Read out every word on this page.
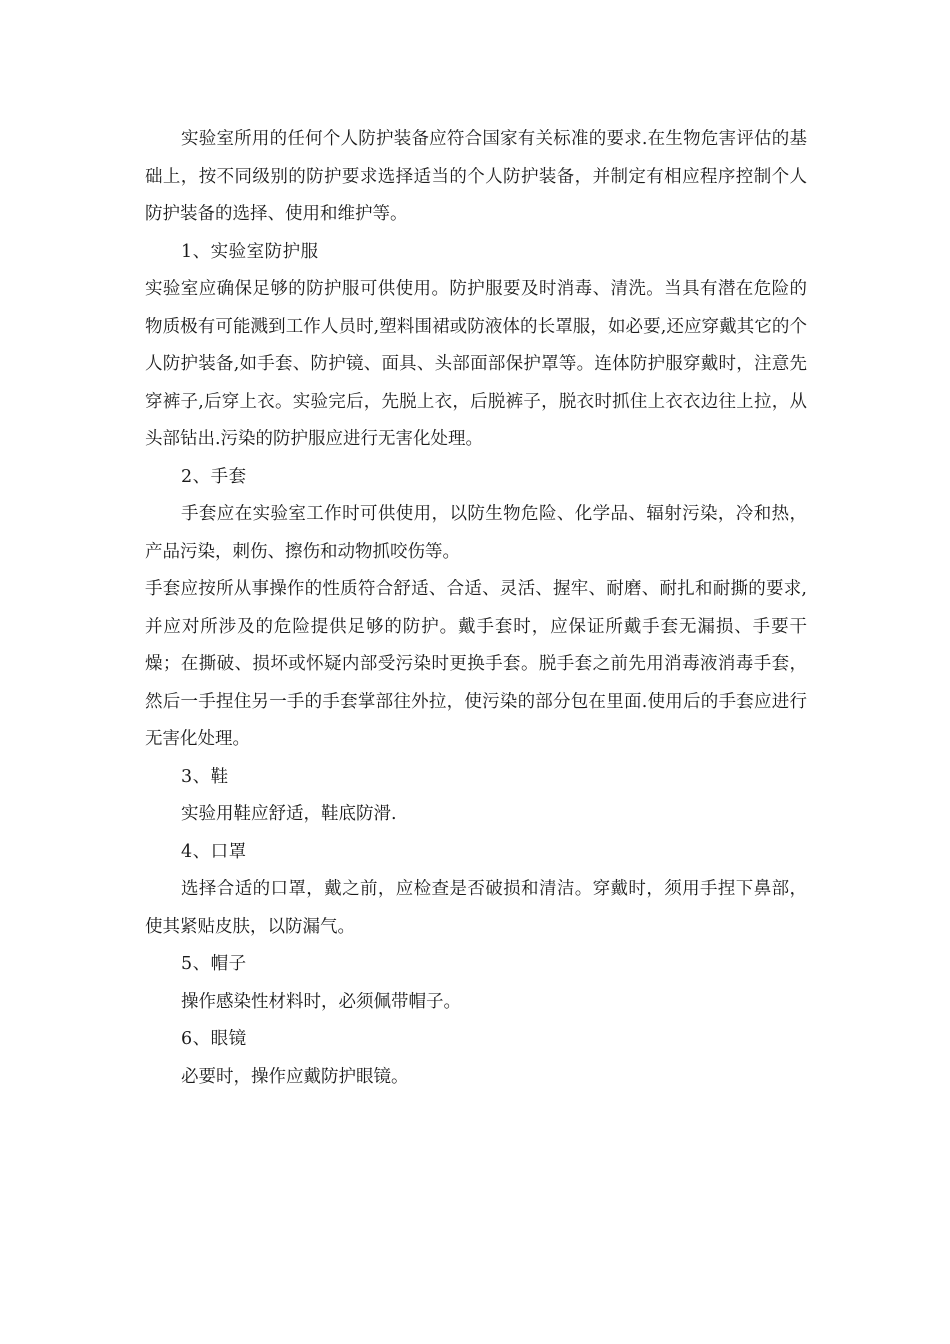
实验室所用的任何个人防护装备应符合国家有关标准的要求.在生物危害评估的基础上，按不同级别的防护要求选择适当的个人防护装备，并制定有相应程序控制个人防护装备的选择、使用和维护等。

1、实验室防护服

实验室应确保足够的防护服可供使用。防护服要及时消毒、清洗。当具有潜在危险的物质极有可能溅到工作人员时,塑料围裙或防液体的长罩服，如必要,还应穿戴其它的个人防护装备,如手套、防护镜、面具、头部面部保护罩等。连体防护服穿戴时，注意先穿裤子,后穿上衣。实验完后，先脱上衣，后脱裤子，脱衣时抓住上衣衣边往上拉，从头部钻出.污染的防护服应进行无害化处理。

2、手套

手套应在实验室工作时可供使用，以防生物危险、化学品、辐射污染，冷和热，产品污染，刺伤、擦伤和动物抓咬伤等。

手套应按所从事操作的性质符合舒适、合适、灵活、握牢、耐磨、耐扎和耐撕的要求,并应对所涉及的危险提供足够的防护。戴手套时，应保证所戴手套无漏损、手要干燥；在撕破、损坏或怀疑内部受污染时更换手套。脱手套之前先用消毒液消毒手套，然后一手捏住另一手的手套掌部往外拉，使污染的部分包在里面.使用后的手套应进行无害化处理。

3、鞋

实验用鞋应舒适，鞋底防滑.

4、口罩

选择合适的口罩，戴之前，应检查是否破损和清洁。穿戴时，须用手捏下鼻部，使其紧贴皮肤，以防漏气。

5、帽子

操作感染性材料时，必须佩带帽子。

6、眼镜

必要时，操作应戴防护眼镜。
